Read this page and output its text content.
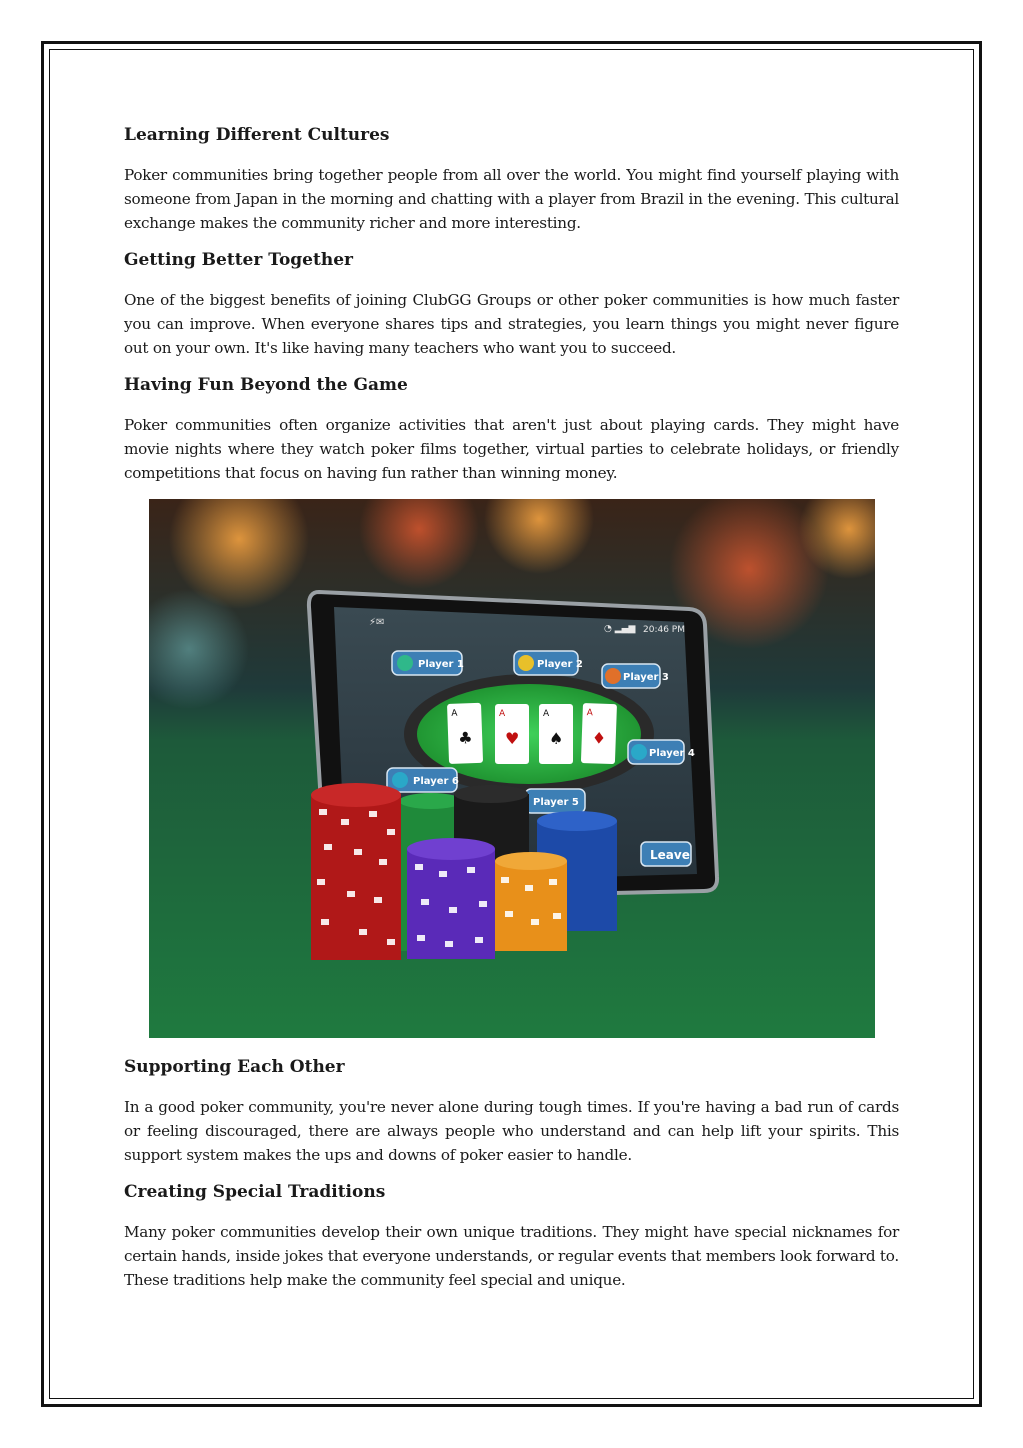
Learning Different Cultures

Poker communities bring together people from all over the world. You might find yourself playing with someone from Japan in the morning and chatting with a player from Brazil in the evening. This cultural exchange makes the community richer and more interesting.

Getting Better Together

One of the biggest benefits of joining ClubGG Groups or other poker communities is how much faster you can improve. When everyone shares tips and strategies, you learn things you might never figure out on your own. It's like having many teachers who want you to succeed.

Having Fun Beyond the Game

Poker communities often organize activities that aren't just about playing cards. They might have movie nights where they watch poker films together, virtual parties to celebrate holidays, or friendly competitions that focus on having fun rather than winning money.

⚡✉
◔ ▂▄▆ 20:46 PM
A
♣
A
♥
A
♠
A
♦
Player 1	Player 2
Player 3
Player 4
Player 5
Player 6
Leave
Supporting Each Other

In a good poker community, you're never alone during tough times. If you're having a bad run of cards or feeling discouraged, there are always people who understand and can help lift your spirits. This support system makes the ups and downs of poker easier to handle.

Creating Special Traditions

Many poker communities develop their own unique traditions. They might have special nicknames for certain hands, inside jokes that everyone understands, or regular events that members look forward to. These traditions help make the community feel special and unique.
